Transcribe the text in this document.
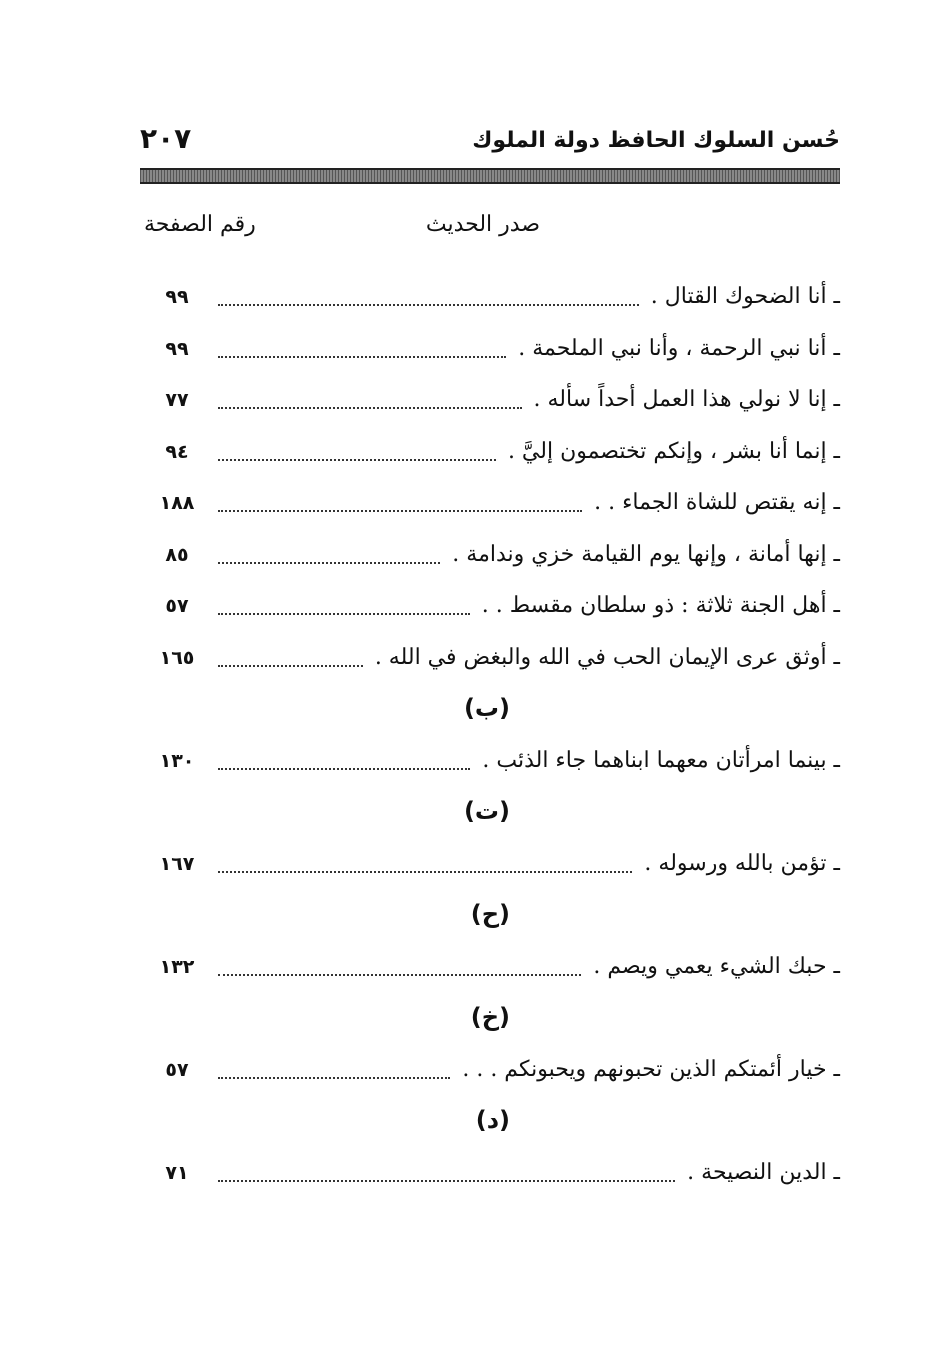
حُسن السلوك الحافظ دولة الملوك
٢٠٧
صدر الحديث
رقم الصفحة
ـ أنا الضحوك القتال .
٩٩
ـ أنا نبي الرحمة ، وأنا نبي الملحمة .
٩٩
ـ إنا لا نولي هذا العمل أحداً سأله .
٧٧
ـ إنما أنا بشر ، وإنكم تختصمون إليَّ .
٩٤
ـ إنه يقتص للشاة الجماء . .
١٨٨
ـ إنها أمانة ، وإنها يوم القيامة خزي وندامة .
٨٥
ـ أهل الجنة ثلاثة : ذو سلطان مقسط . .
٥٧
ـ أوثق عرى الإيمان الحب في الله والبغض في الله .
١٦٥
(ب)
ـ بينما امرأتان معهما ابناهما جاء الذئب .
١٣٠
(ت)
ـ تؤمن بالله ورسوله .
١٦٧
(ح)
ـ حبك الشيء يعمي ويصم .
١٣٢
(خ)
ـ خيار أئمتكم الذين تحبونهم ويحبونكم . . .
٥٧
(د)
ـ الدين النصيحة .
٧١
